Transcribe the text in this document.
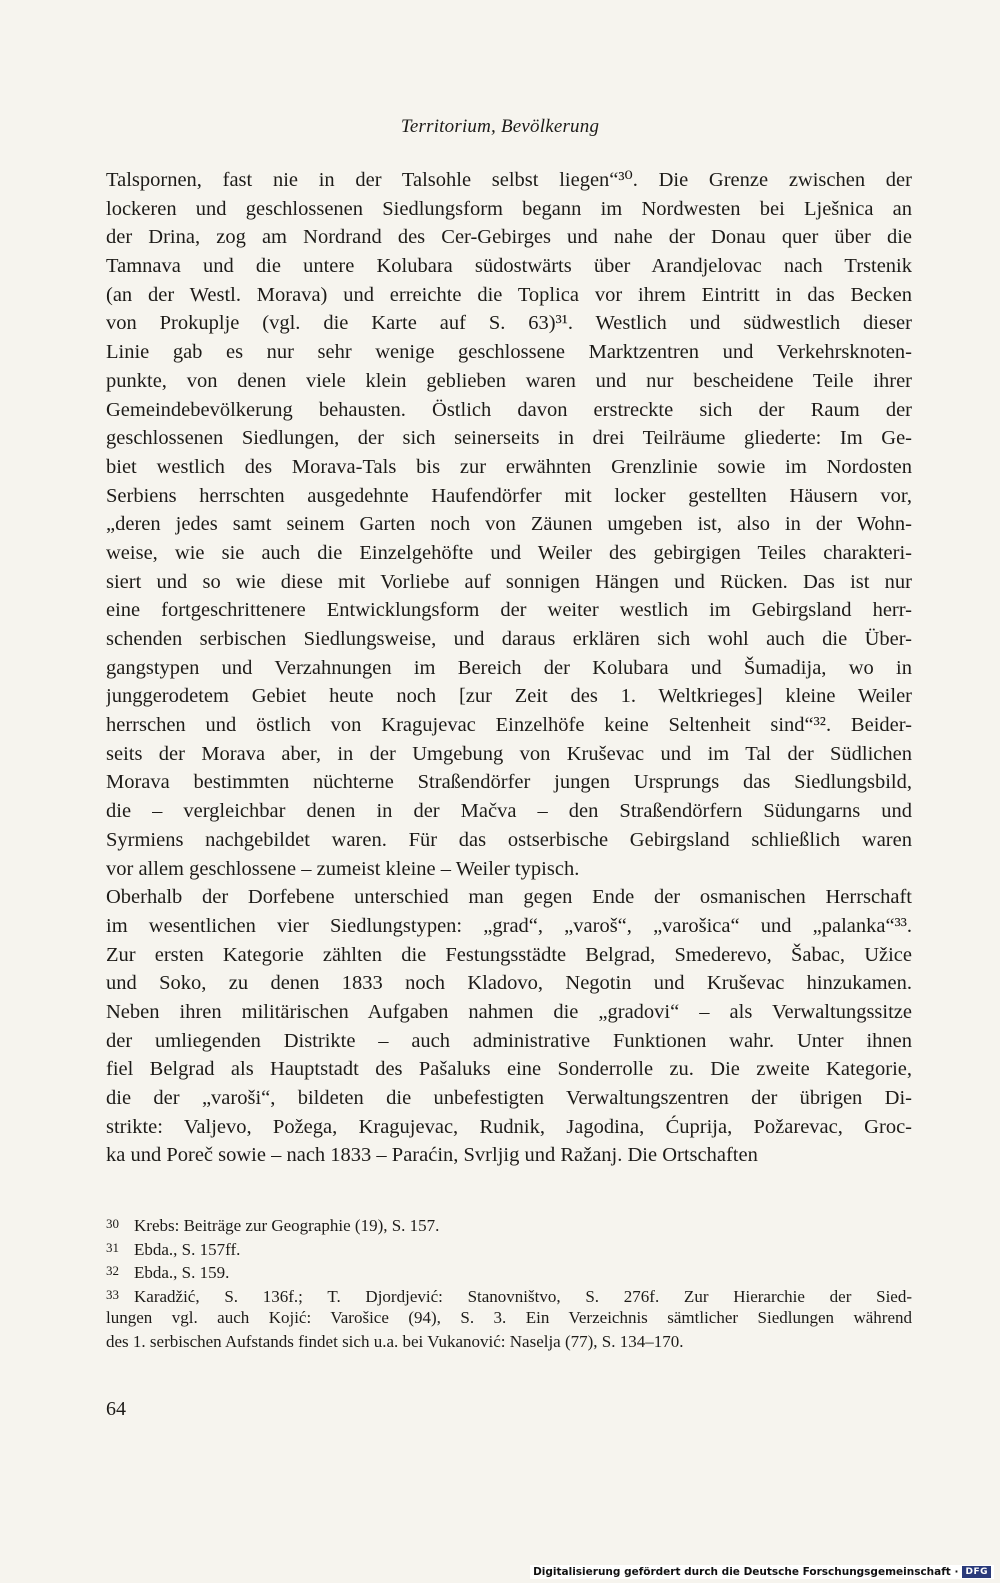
Territorium, Bevölkerung
Talspornen, fast nie in der Talsohle selbst liegen“³⁰. Die Grenze zwischen der
lockeren und geschlossenen Siedlungsform begann im Nordwesten bei Lješnica an
der Drina, zog am Nordrand des Cer-Gebirges und nahe der Donau quer über die
Tamnava und die untere Kolubara südostwärts über Arandjelovac nach Trstenik
(an der Westl. Morava) und erreichte die Toplica vor ihrem Eintritt in das Becken
von Prokuplje (vgl. die Karte auf S. 63)³¹. Westlich und südwestlich dieser
Linie gab es nur sehr wenige geschlossene Marktzentren und Verkehrsknoten-
punkte, von denen viele klein geblieben waren und nur bescheidene Teile ihrer
Gemeindebevölkerung behausten. Östlich davon erstreckte sich der Raum der
geschlossenen Siedlungen, der sich seinerseits in drei Teilräume gliederte: Im Ge-
biet westlich des Morava-Tals bis zur erwähnten Grenzlinie sowie im Nordosten
Serbiens herrschten ausgedehnte Haufendörfer mit locker gestellten Häusern vor,
„deren jedes samt seinem Garten noch von Zäunen umgeben ist, also in der Wohn-
weise, wie sie auch die Einzelgehöfte und Weiler des gebirgigen Teiles charakteri-
siert und so wie diese mit Vorliebe auf sonnigen Hängen und Rücken. Das ist nur
eine fortgeschrittenere Entwicklungsform der weiter westlich im Gebirgsland herr-
schenden serbischen Siedlungsweise, und daraus erklären sich wohl auch die Über-
gangstypen und Verzahnungen im Bereich der Kolubara und Šumadija, wo in
junggerodetem Gebiet heute noch [zur Zeit des 1. Weltkrieges] kleine Weiler
herrschen und östlich von Kragujevac Einzelhöfe keine Seltenheit sind“³². Beider-
seits der Morava aber, in der Umgebung von Kruševac und im Tal der Südlichen
Morava bestimmten nüchterne Straßendörfer jungen Ursprungs das Siedlungsbild,
die – vergleichbar denen in der Mačva – den Straßendörfern Südungarns und
Syrmiens nachgebildet waren. Für das ostserbische Gebirgsland schließlich waren
vor allem geschlossene – zumeist kleine – Weiler typisch.
Oberhalb der Dorfebene unterschied man gegen Ende der osmanischen Herrschaft
im wesentlichen vier Siedlungstypen: „grad“, „varoš“, „varošica“ und „palanka“³³.
Zur ersten Kategorie zählten die Festungsstädte Belgrad, Smederevo, Šabac, Užice
und Soko, zu denen 1833 noch Kladovo, Negotin und Kruševac hinzukamen.
Neben ihren militärischen Aufgaben nahmen die „gradovi“ – als Verwaltungssitze
der umliegenden Distrikte – auch administrative Funktionen wahr. Unter ihnen
fiel Belgrad als Hauptstadt des Pašaluks eine Sonderrolle zu. Die zweite Kategorie,
die der „varoši“, bildeten die unbefestigten Verwaltungszentren der übrigen Di-
strikte: Valjevo, Požega, Kragujevac, Rudnik, Jagodina, Ćuprija, Požarevac, Groc-
ka und Poreč sowie – nach 1833 – Paraćin, Svrljig und Ražanj. Die Ortschaften
30 Krebs: Beiträge zur Geographie (19), S. 157.
31 Ebda., S. 157ff.
32 Ebda., S. 159.
33 Karadžić, S. 136f.; T. Djordjević: Stanovništvo, S. 276f. Zur Hierarchie der Sied-
lungen vgl. auch Kojić: Varošice (94), S. 3. Ein Verzeichnis sämtlicher Siedlungen während
des 1. serbischen Aufstands findet sich u.a. bei Vukanović: Naselja (77), S. 134–170.
64
Digitalisierung gefördert durch die Deutsche Forschungsgemeinschaft · DFG
